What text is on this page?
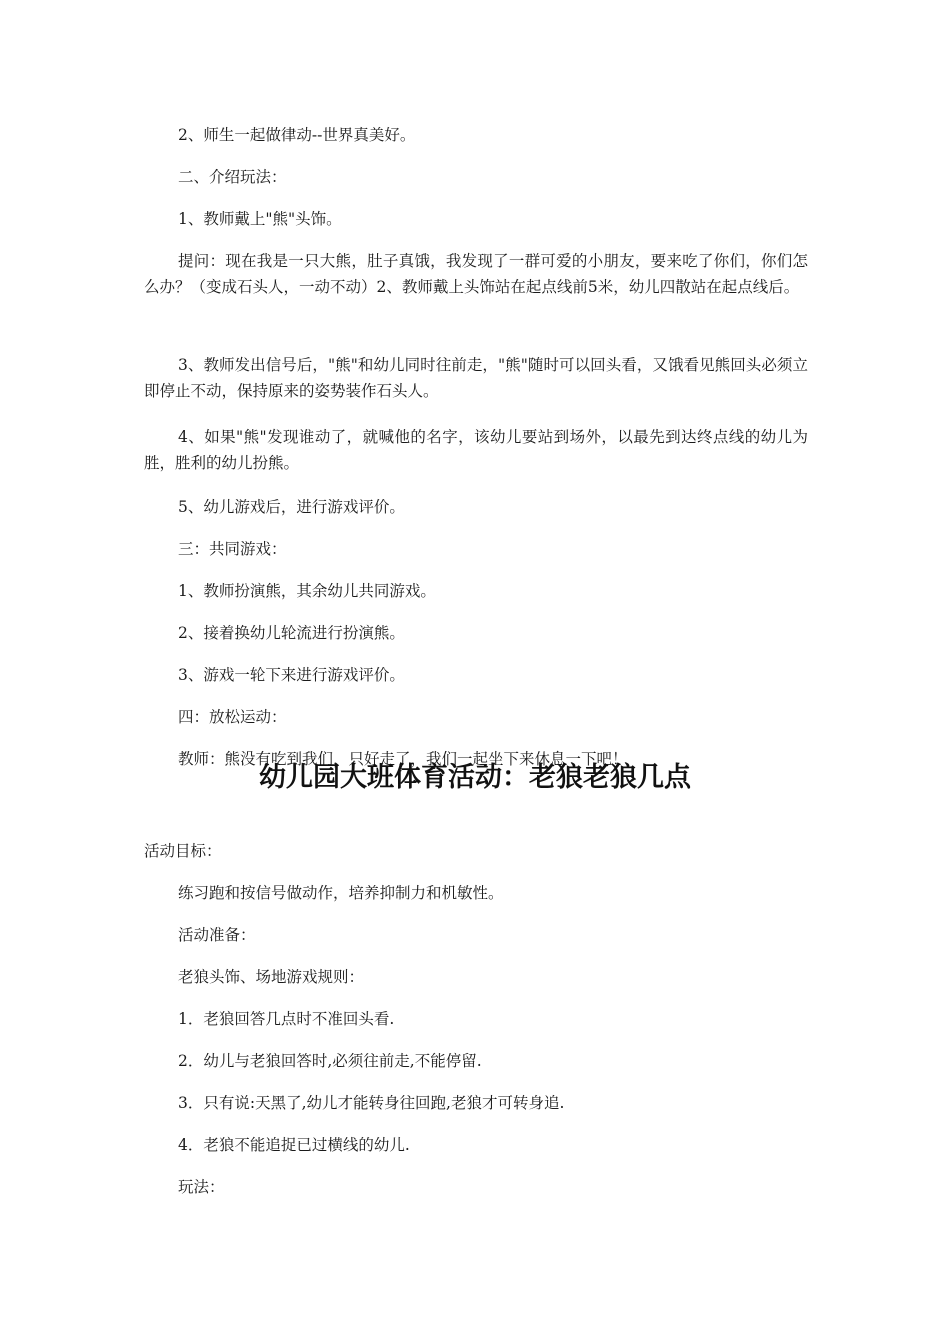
2、师生一起做律动--世界真美好。

二、介绍玩法：

1、教师戴上"熊"头饰。

提问：现在我是一只大熊，肚子真饿，我发现了一群可爱的小朋友，要来吃了你们，你们怎么办？（变成石头人，一动不动）2、教师戴上头饰站在起点线前5米，幼儿四散站在起点线后。

3、教师发出信号后，"熊"和幼儿同时往前走，"熊"随时可以回头看，又饿看见熊回头必须立即停止不动，保持原来的姿势装作石头人。

4、如果"熊"发现谁动了，就喊他的名字，该幼儿要站到场外，以最先到达终点线的幼儿为胜，胜利的幼儿扮熊。

5、幼儿游戏后，进行游戏评价。

三：共同游戏：

1、教师扮演熊，其余幼儿共同游戏。

2、接着换幼儿轮流进行扮演熊。

3、游戏一轮下来进行游戏评价。

四：放松运动：

教师：熊没有吃到我们，只好走了，我们一起坐下来休息一下吧！

幼儿园大班体育活动：老狼老狼几点

活动目标：

练习跑和按信号做动作，培养抑制力和机敏性。

活动准备：

老狼头饰、场地游戏规则：

1．老狼回答几点时不准回头看.

2．幼儿与老狼回答时,必须往前走,不能停留.

3．只有说:天黑了,幼儿才能转身往回跑,老狼才可转身追.

4．老狼不能追捉已过横线的幼儿.

玩法：
